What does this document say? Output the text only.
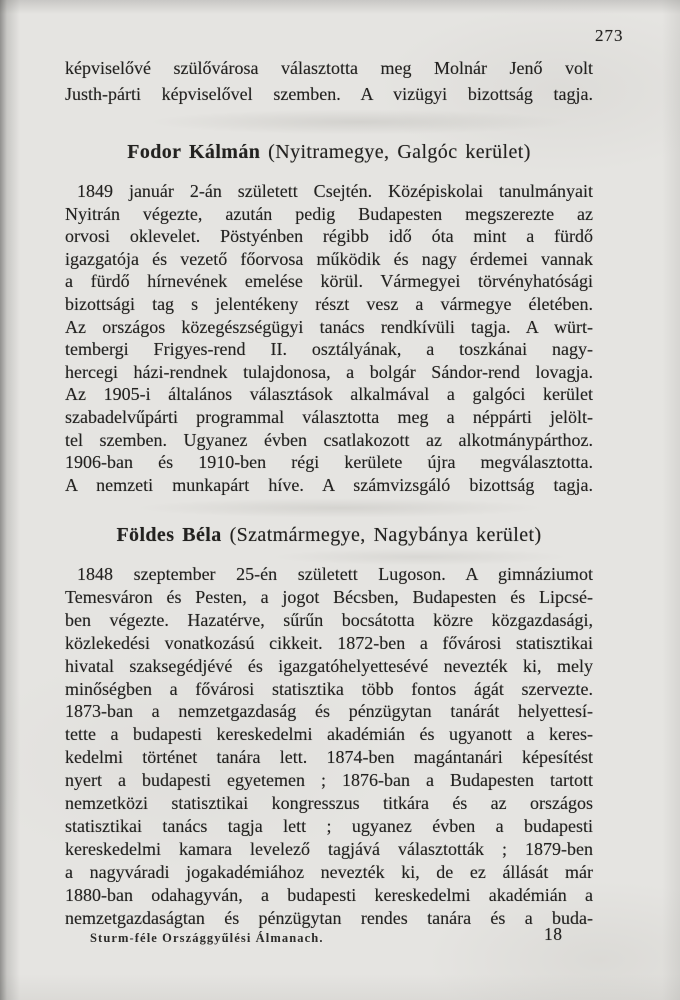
273
képviselővé szülővárosa választotta meg Molnár Jenő volt
Justh-párti képviselővel szemben. A vizügyi bizottság tagja.
Fodor Kálmán (Nyitramegye, Galgóc kerület)
1849 január 2-án született Csejtén. Középiskolai tanulmányait
Nyitrán végezte, azután pedig Budapesten megszerezte az
orvosi oklevelet. Pöstyénben régibb idő óta mint a fürdő
igazgatója és vezető főorvosa működik és nagy érdemei vannak
a fürdő hírnevének emelése körül. Vármegyei törvényhatósági
bizottsági tag s jelentékeny részt vesz a vármegye életében.
Az országos közegészségügyi tanács rendkívüli tagja. A würt-
tembergi Frigyes-rend II. osztályának, a toszkánai nagy-
hercegi házi-rendnek tulajdonosa, a bolgár Sándor-rend lovagja.
Az 1905-i általános választások alkalmával a galgóci kerület
szabadelvűpárti programmal választotta meg a néppárti jelölt-
tel szemben. Ugyanez évben csatlakozott az alkotmánypárthoz.
1906-ban és 1910-ben régi kerülete újra megválasztotta.
A nemzeti munkapárt híve. A számvizsgáló bizottság tagja.
Földes Béla (Szatmármegye, Nagybánya kerület)
1848 szeptember 25-én született Lugoson. A gimnáziumot
Temesváron és Pesten, a jogot Bécsben, Budapesten és Lipcsé-
ben végezte. Hazatérve, sűrűn bocsátotta közre közgazdasági,
közlekedési vonatkozású cikkeit. 1872-ben a fővárosi statisztikai
hivatal szaksegédjévé és igazgatóhelyettesévé nevezték ki, mely
minőségben a fővárosi statisztika több fontos ágát szervezte.
1873-ban a nemzetgazdaság és pénzügytan tanárát helyettesí-
tette a budapesti kereskedelmi akadémián és ugyanott a keres-
kedelmi történet tanára lett. 1874-ben magántanári képesítést
nyert a budapesti egyetemen ; 1876-ban a Budapesten tartott
nemzetközi statisztikai kongresszus titkára és az országos
statisztikai tanács tagja lett ; ugyanez évben a budapesti
kereskedelmi kamara levelező tagjává választották ; 1879-ben
a nagyváradi jogakadémiához nevezték ki, de ez állását már
1880-ban odahagyván, a budapesti kereskedelmi akadémián a
nemzetgazdaságtan és pénzügytan rendes tanára és a buda-
Sturm-féle Országgyűlési Álmanach.	18
